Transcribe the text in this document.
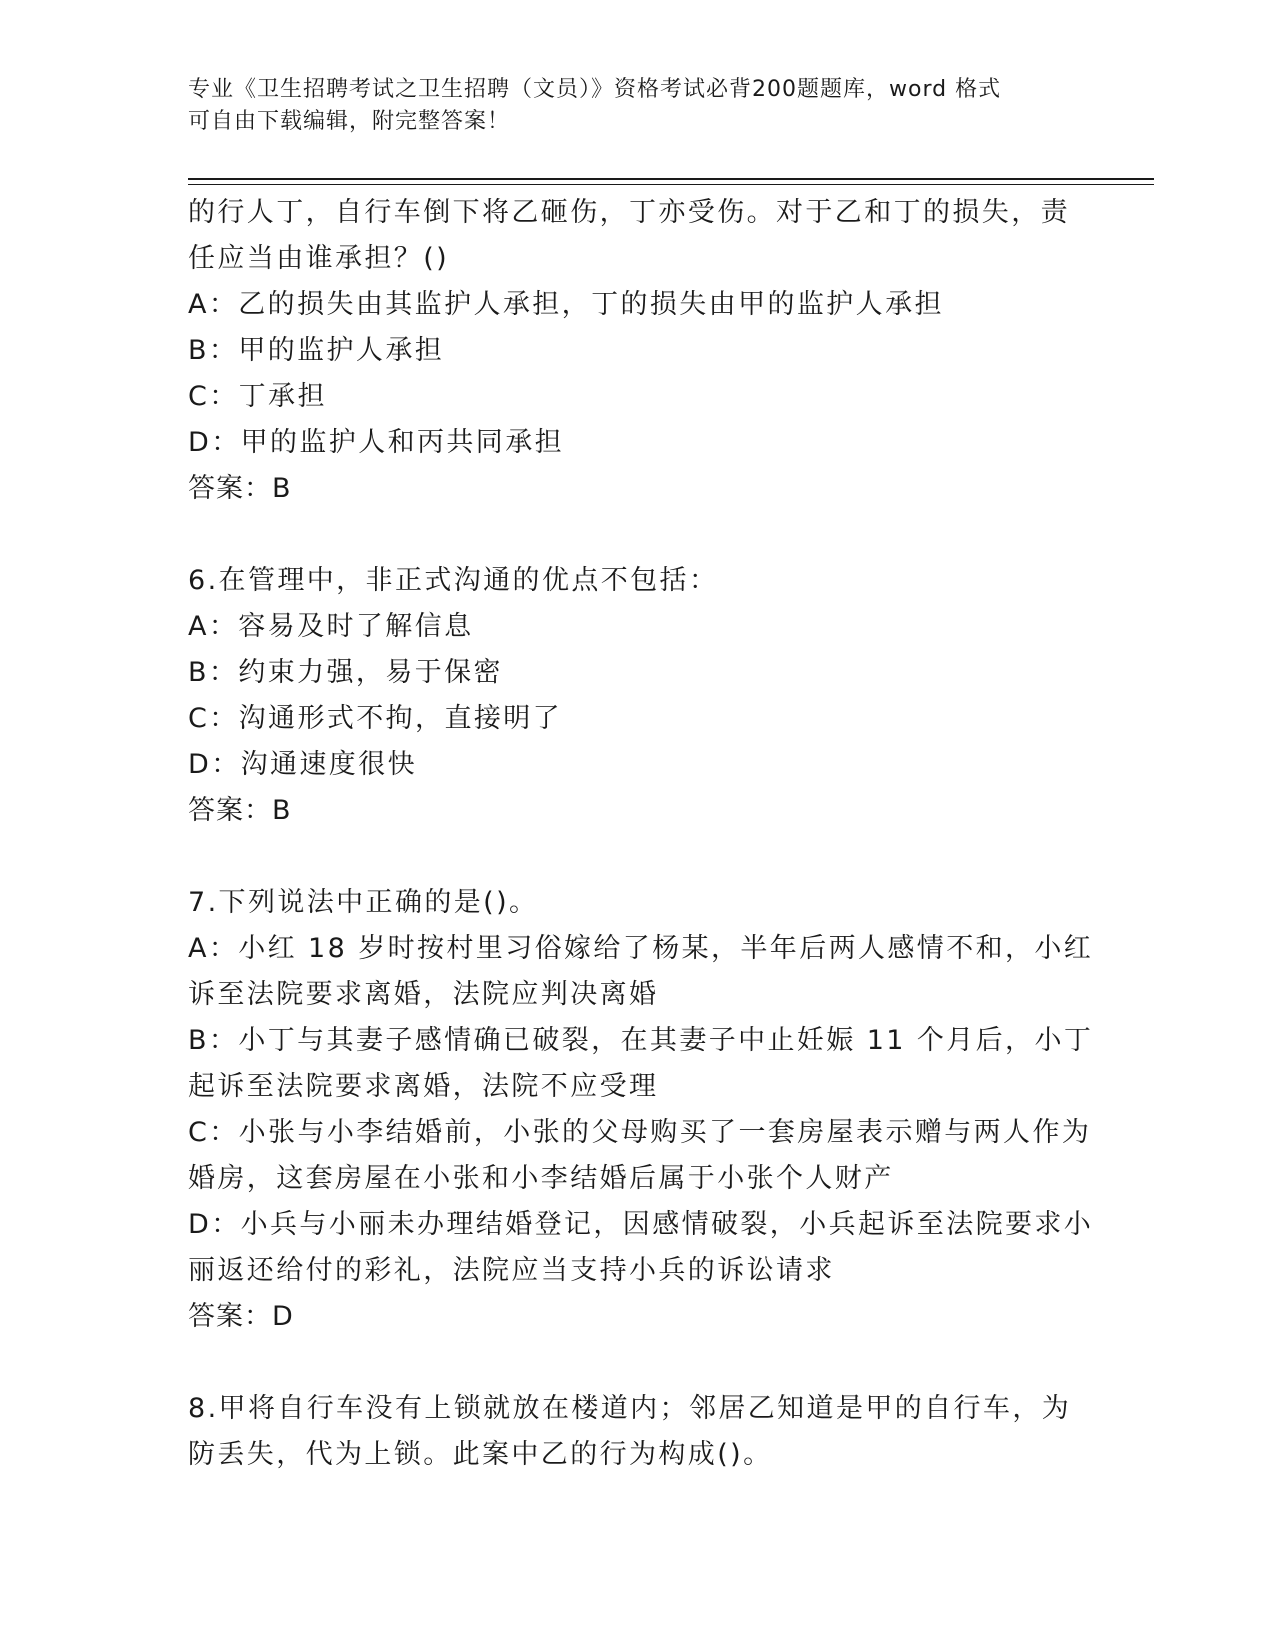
专业《卫生招聘考试之卫生招聘（文员）》资格考试必背200题题库，word 格式
可自由下载编辑，附完整答案！
的行人丁，自行车倒下将乙砸伤，丁亦受伤。对于乙和丁的损失，责
任应当由谁承担？()
A：乙的损失由其监护人承担，丁的损失由甲的监护人承担
B：甲的监护人承担
C：丁承担
D：甲的监护人和丙共同承担
答案：B
6.在管理中，非正式沟通的优点不包括：
A：容易及时了解信息
B：约束力强，易于保密
C：沟通形式不拘，直接明了
D：沟通速度很快
答案：B
7.下列说法中正确的是()。
A：小红 18 岁时按村里习俗嫁给了杨某，半年后两人感情不和，小红
诉至法院要求离婚，法院应判决离婚
B：小丁与其妻子感情确已破裂，在其妻子中止妊娠 11 个月后，小丁
起诉至法院要求离婚，法院不应受理
C：小张与小李结婚前，小张的父母购买了一套房屋表示赠与两人作为
婚房，这套房屋在小张和小李结婚后属于小张个人财产
D：小兵与小丽未办理结婚登记，因感情破裂，小兵起诉至法院要求小
丽返还给付的彩礼，法院应当支持小兵的诉讼请求
答案：D
8.甲将自行车没有上锁就放在楼道内；邻居乙知道是甲的自行车，为
防丢失，代为上锁。此案中乙的行为构成()。
